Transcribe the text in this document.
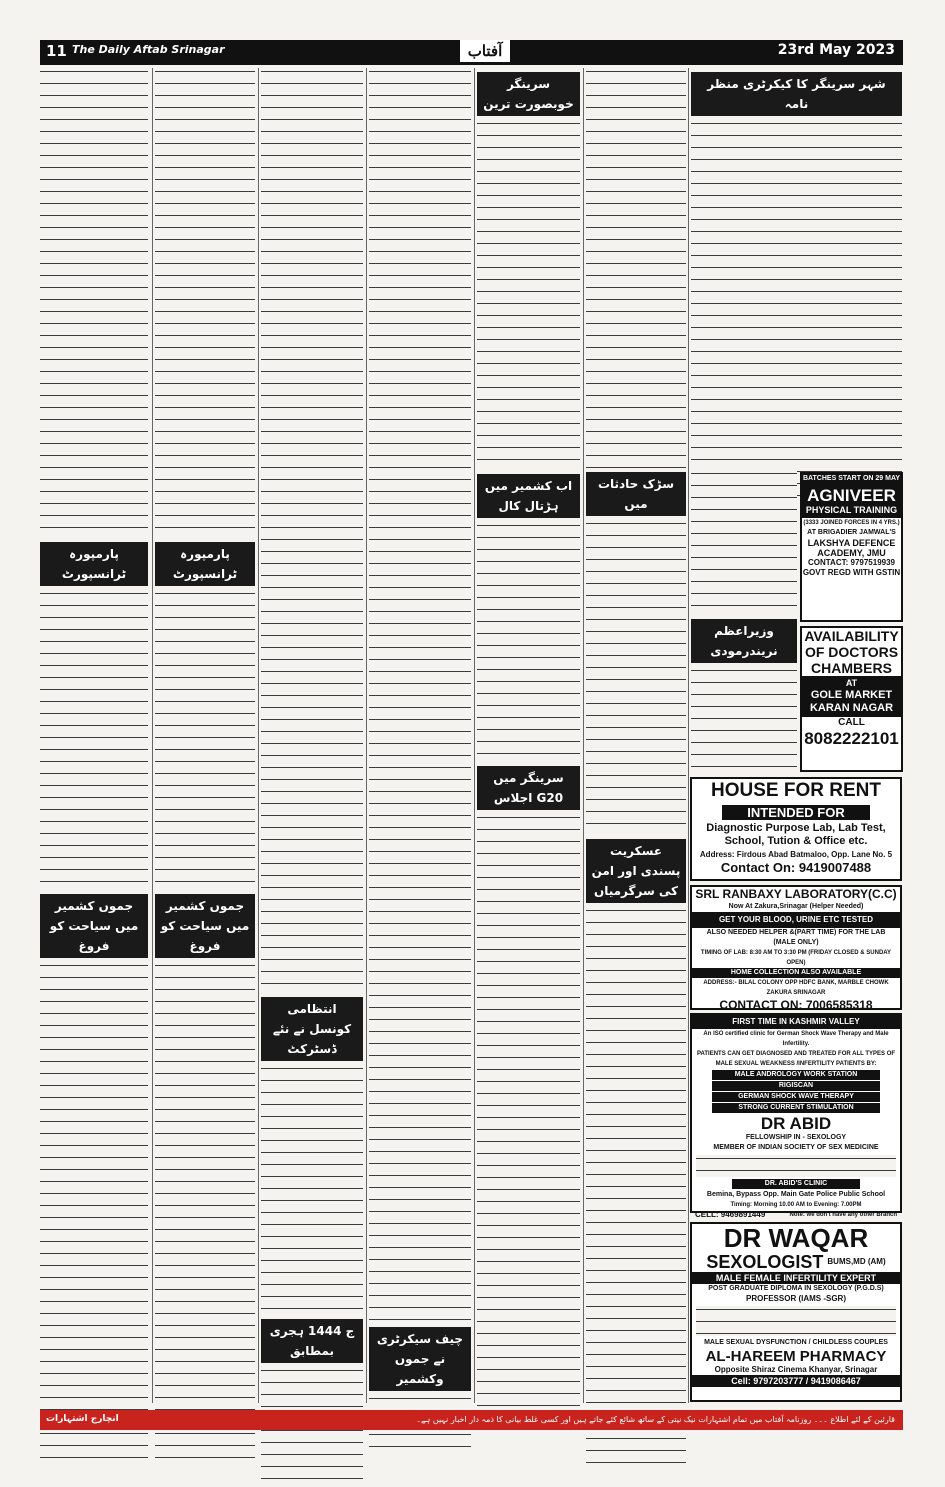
11 The Daily Aftab Srinagar	آفتاب	23rd May 2023
پارمپورہ ٹرانسپورٹ
جموں کشمیر میں سیاحت کو فروغ
پارمپورہ ٹرانسپورٹ
جموں کشمیر میں سیاحت کو فروغ
انتظامی کونسل نے نئے ڈسٹرکٹ
ج 1444 ہجری بمطابق
چیف سیکرٹری نے جموں وکشمیر
سرینگر خوبصورت ترین
اب کشمیر میں ہڑتال کال
سرینگر میں G20 اجلاس
سڑک حادثات میں
عسکریت پسندی اور امن کی سرگرمیاں
شہر سرینگر کا کیکرٹری منظر نامہ
وزیراعظم نریندرمودی
BATCHES START ON 29 MAY
AGNIVEER
PHYSICAL TRAINING
(3333 JOINED FORCES IN 4 YRS.)
AT BRIGADIER JAMWAL'S
LAKSHYA DEFENCE
ACADEMY, JMU
CONTACT: 9797519939
GOVT REGD WITH GSTIN
AVAILABILITY
OF DOCTORS
CHAMBERS
AT
GOLE MARKET
KARAN NAGAR
CALL
8082222101
HOUSE FOR RENT
INTENDED FOR
Diagnostic Purpose Lab, Lab Test, School, Tution & Office etc.
Address: Firdous Abad Batmaloo, Opp. Lane No. 5
Contact On: 9419007488
SRL RANBAXY LABORATORY(C.C)
Now At Zakura,Srinagar (Helper Needed)
GET YOUR BLOOD, URINE ETC TESTED
ALSO NEEDED HELPER &(PART TIME) FOR THE LAB
(MALE ONLY)
TIMING OF LAB: 8:30 AM TO 3:30 PM (FRIDAY CLOSED & SUNDAY OPEN)
HOME COLLECTION ALSO AVAILABLE
ADDRESS:- BILAL COLONY OPP HDFC BANK, MARBLE CHOWK ZAKURA SRINAGAR
CONTACT ON: 7006585318
FIRST TIME IN KASHMIR VALLEY
An ISO certified clinic for German Shock Wave Therapy and Male Infertility.
PATIENTS CAN GET DIAGNOSED AND TREATED FOR ALL TYPES OF MALE SEXUAL WEAKNESS /INFERTILITY PATIENTS BY:
MALE ANDROLOGY WORK STATION
RIGISCAN
GERMAN SHOCK WAVE THERAPY
STRONG CURRENT STIMULATION
DR ABID
FELLOWSHIP IN - SEXOLOGY
MEMBER OF INDIAN SOCIETY OF SEX MEDICINE
DR. ABID'S CLINIC
Bemina, Bypass Opp. Main Gate Police Public School
Timing: Morning 10.00 AM to Evening: 7.00PM
CELL: 9469891449	Note: we don't have any other Branch
DR WAQAR
SEXOLOGIST BUMS,MD (AM)
MALE FEMALE INFERTILITY EXPERT
POST GRADUATE DIPLOMA IN SEXOLOGY (P.G.D.S)
PROFESSOR (IAMS -SGR)
MALE SEXUAL DYSFUNCTION / CHILDLESS COUPLES
AL-HAREEM PHARMACY
Opposite Shiraz Cinema Khanyar, Srinagar
Cell: 9797203777 / 9419086467
انچارج اشتہارات	قارئین کے لئے اطلاع ۔۔۔ روزنامہ آفتاب میں تمام اشتہارات نیک نیتی کے ساتھ شائع کئے جاتے ہیں اور کسی غلط بیانی کا ذمہ دار اخبار نہیں ہے۔
